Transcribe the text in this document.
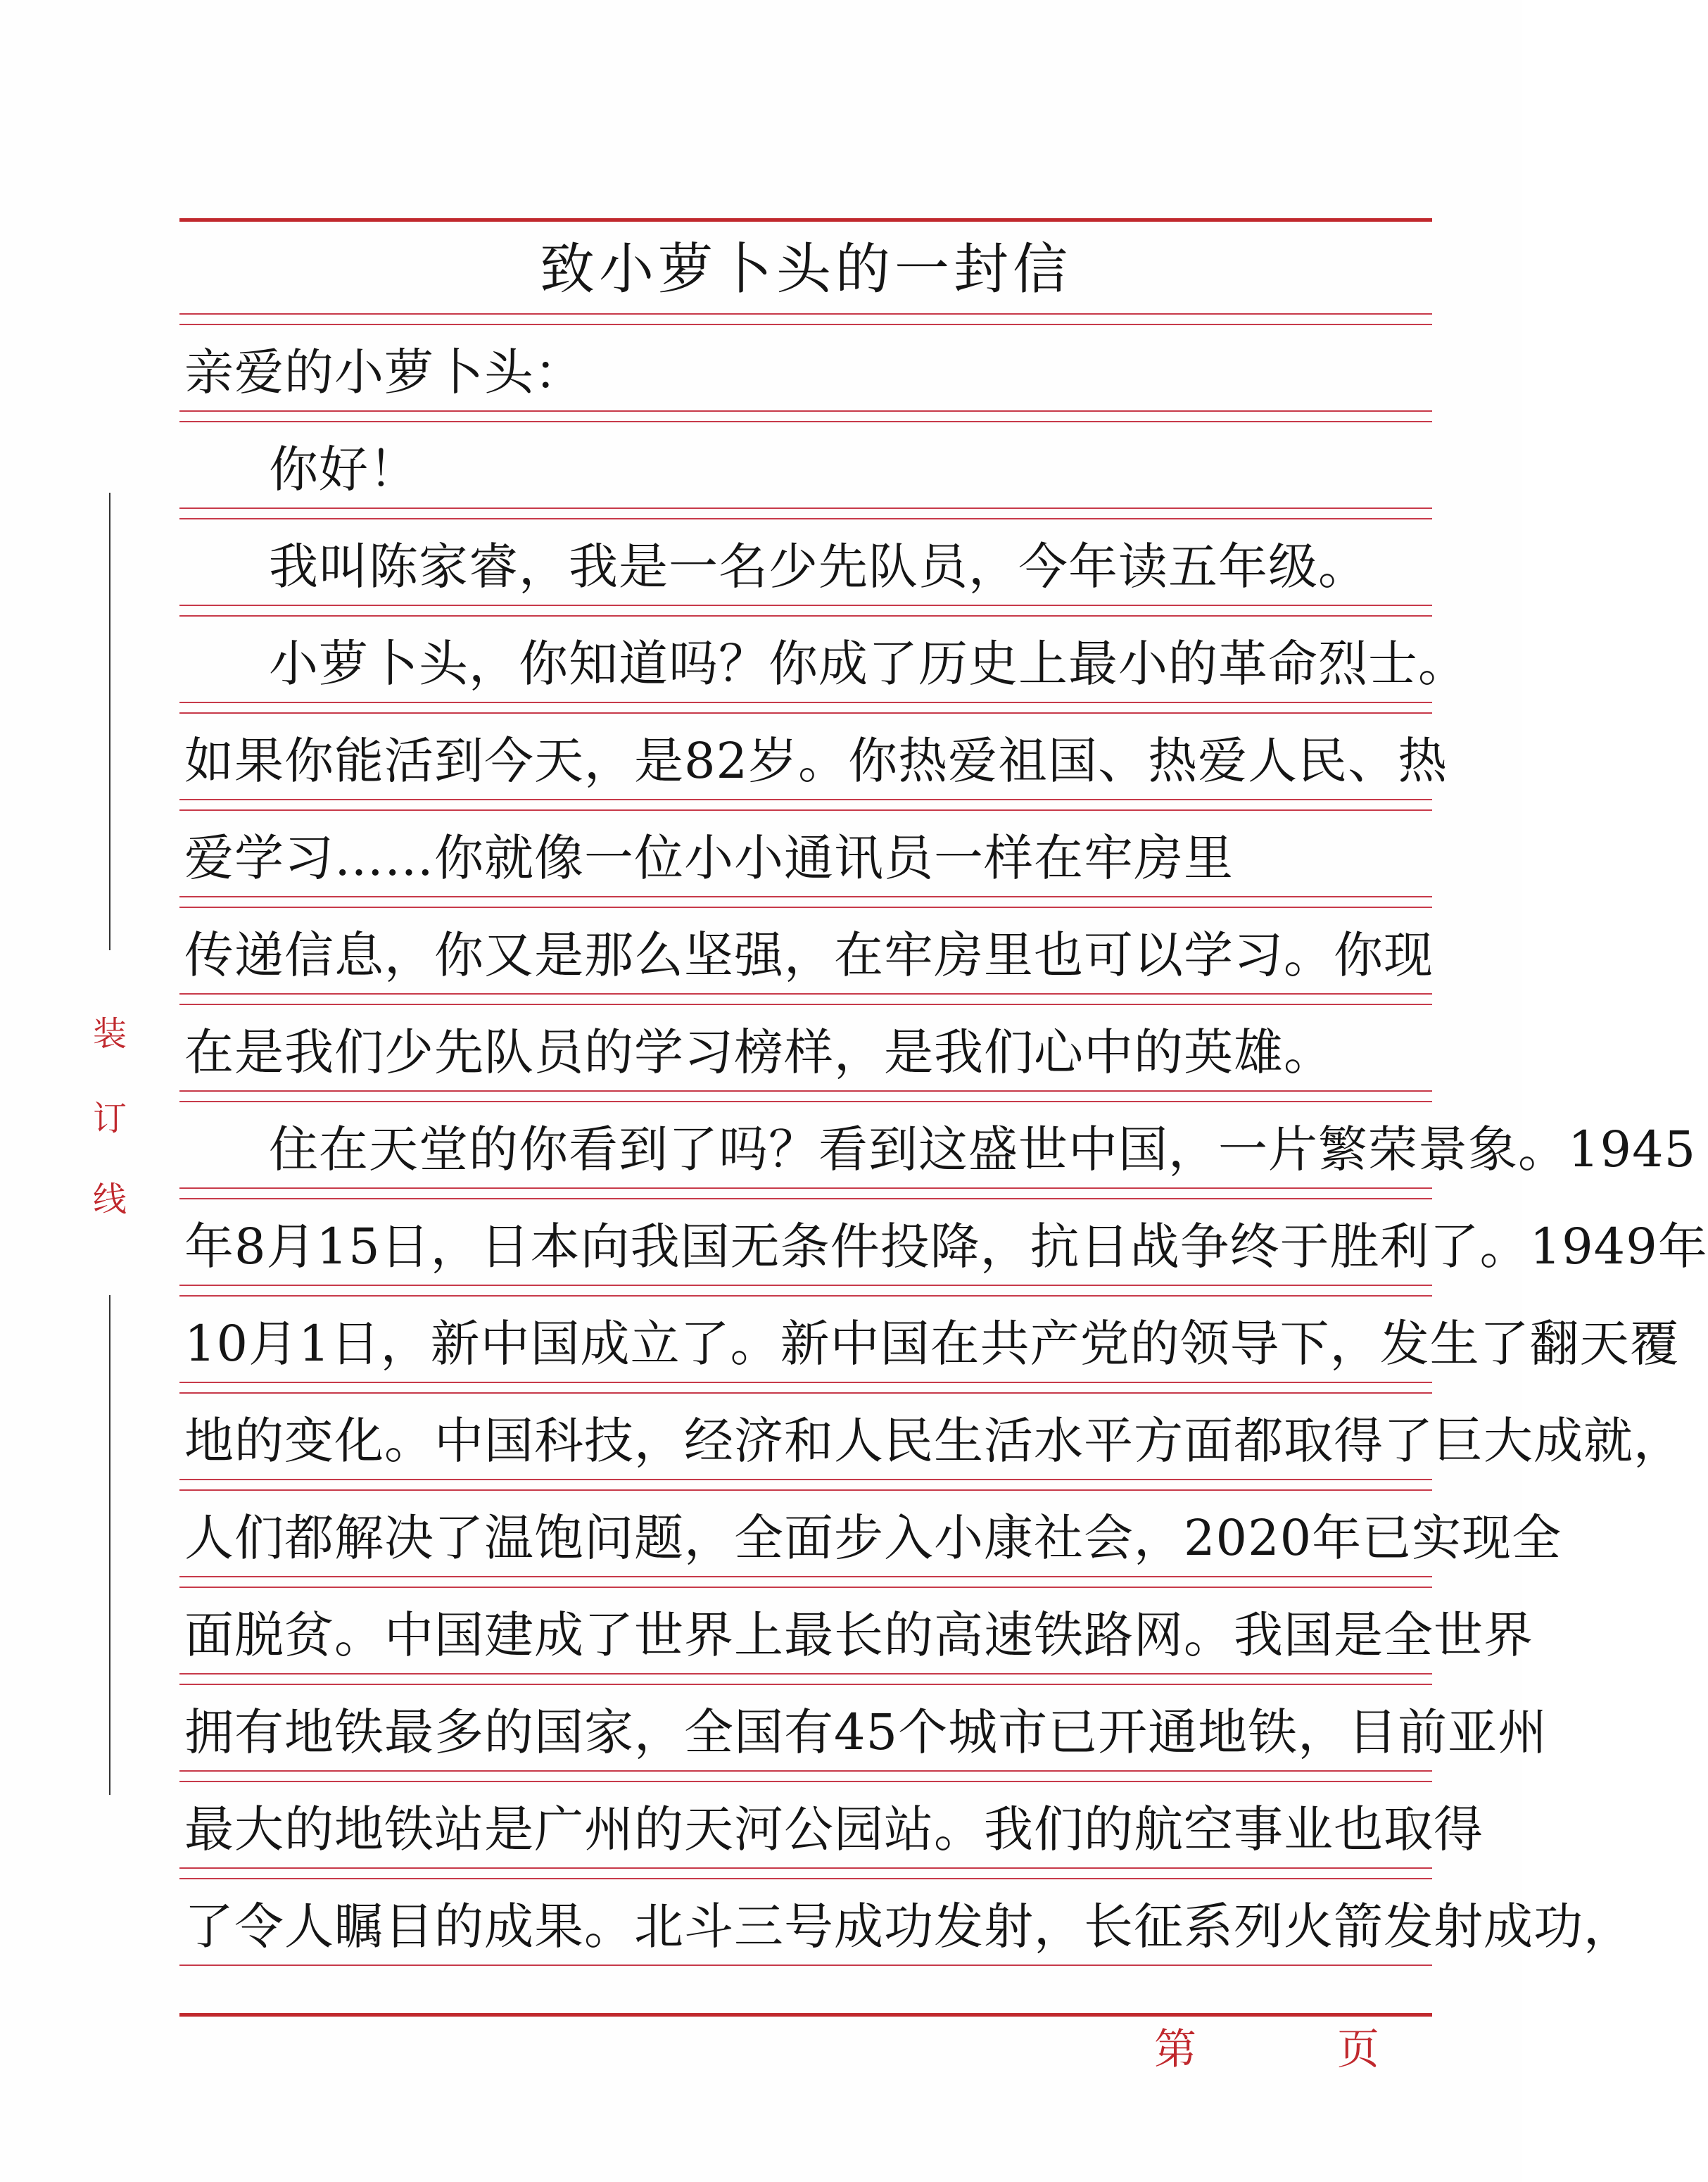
装
订
线
致小萝卜头的一封信
亲爱的小萝卜头：
你好！
我叫陈家睿，我是一名少先队员，今年读五年级。
小萝卜头，你知道吗？你成了历史上最小的革命烈士。
如果你能活到今天，是82岁。你热爱祖国、热爱人民、热
爱学习……你就像一位小小通讯员一样在牢房里
传递信息，你又是那么坚强，在牢房里也可以学习。你现
在是我们少先队员的学习榜样，是我们心中的英雄。
住在天堂的你看到了吗？看到这盛世中国，一片繁荣景象。1945
年8月15日，日本向我国无条件投降，抗日战争终于胜利了。1949年
10月1日，新中国成立了。新中国在共产党的领导下，发生了翻天覆
地的变化。中国科技，经济和人民生活水平方面都取得了巨大成就，
人们都解决了温饱问题，全面步入小康社会，2020年已实现全
面脱贫。中国建成了世界上最长的高速铁路网。我国是全世界
拥有地铁最多的国家，全国有45个城市已开通地铁，目前亚州
最大的地铁站是广州的天河公园站。我们的航空事业也取得
了令人瞩目的成果。北斗三号成功发射，长征系列火箭发射成功，
第	页
